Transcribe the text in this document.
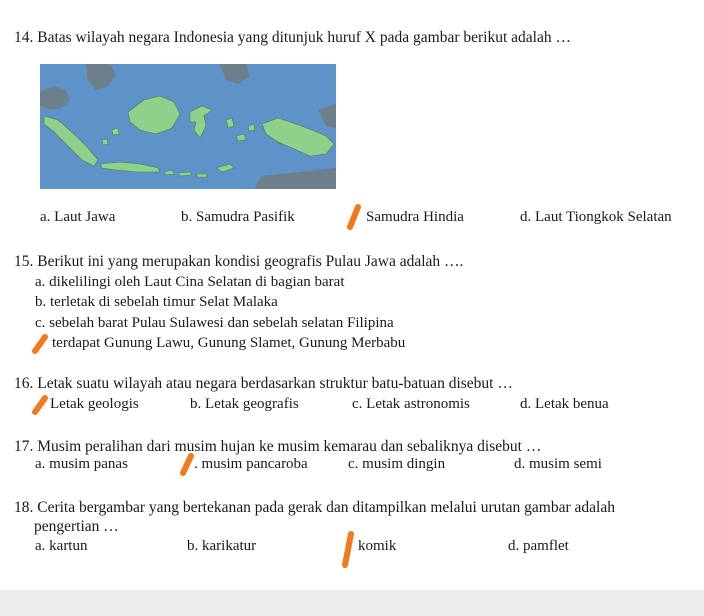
14. Batas wilayah negara Indonesia yang ditunjuk huruf X pada gambar berikut adalah …
a. Laut Jawa	b. Samudra Pasifik	Samudra Hindia	d. Laut Tiongkok Selatan
15. Berikut ini yang merupakan kondisi geografis Pulau Jawa adalah ….
a. dikelilingi oleh Laut Cina Selatan di bagian barat
b. terletak di sebelah timur Selat Malaka
c. sebelah barat Pulau Sulawesi dan sebelah selatan Filipina
terdapat Gunung Lawu, Gunung Slamet, Gunung Merbabu
16. Letak suatu wilayah atau negara berdasarkan struktur batu-batuan disebut …
Letak geologis	b. Letak geografis	c. Letak astronomis	d. Letak benua
17. Musim peralihan dari musim hujan ke musim kemarau dan sebaliknya disebut …
a. musim panas	. musim pancaroba	c. musim dingin	d. musim semi
18. Cerita bergambar yang bertekanan pada gerak dan ditampilkan melalui urutan gambar adalah
pengertian …
a. kartun	b. karikatur	komik	d. pamflet
